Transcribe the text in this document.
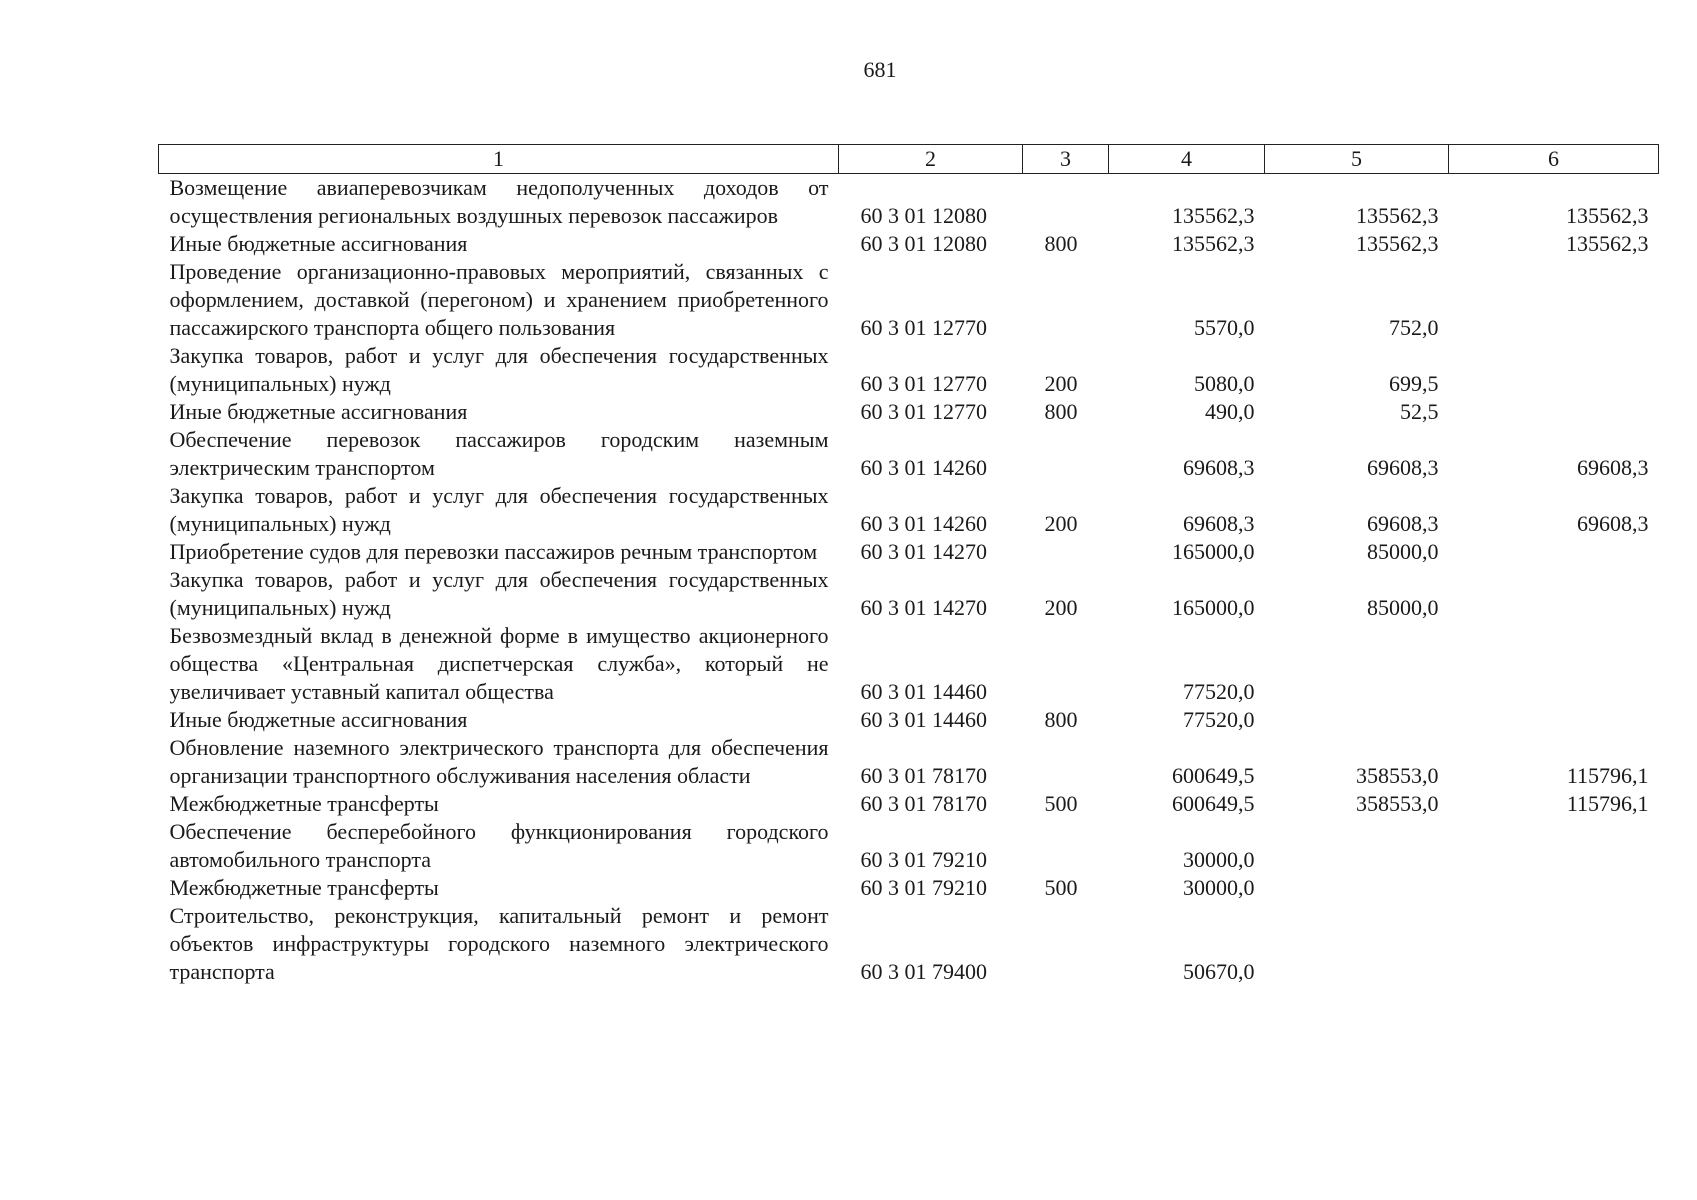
681
1	2	3	4	5	6
Возмещение авиаперевозчикам недополученных доходов от осуществления региональных воздушных перевозок пассажиров	60 3 01 12080		135562,3	135562,3	135562,3
Иные бюджетные ассигнования	60 3 01 12080	800	135562,3	135562,3	135562,3
Проведение организационно-правовых мероприятий, связанных с оформлением, доставкой (перегоном) и хранением приобретенного пассажирского транспорта общего пользования	60 3 01 12770		5570,0	752,0	
Закупка товаров, работ и услуг для обеспечения государственных (муниципальных) нужд	60 3 01 12770	200	5080,0	699,5	
Иные бюджетные ассигнования	60 3 01 12770	800	490,0	52,5	
Обеспечение перевозок пассажиров городским наземным электрическим транспортом	60 3 01 14260		69608,3	69608,3	69608,3
Закупка товаров, работ и услуг для обеспечения государственных (муниципальных) нужд	60 3 01 14260	200	69608,3	69608,3	69608,3
Приобретение судов для перевозки пассажиров речным транспортом	60 3 01 14270		165000,0	85000,0	
Закупка товаров, работ и услуг для обеспечения государственных (муниципальных) нужд	60 3 01 14270	200	165000,0	85000,0	
Безвозмездный вклад в денежной форме в имущество акционерного общества «Центральная диспетчерская служба», который не увеличивает уставный капитал общества	60 3 01 14460		77520,0		
Иные бюджетные ассигнования	60 3 01 14460	800	77520,0		
Обновление наземного электрического транспорта для обеспечения организации транспортного обслуживания населения области	60 3 01 78170		600649,5	358553,0	115796,1
Межбюджетные трансферты	60 3 01 78170	500	600649,5	358553,0	115796,1
Обеспечение бесперебойного функционирования городского автомобильного транспорта	60 3 01 79210		30000,0		
Межбюджетные трансферты	60 3 01 79210	500	30000,0		
Строительство, реконструкция, капитальный ремонт и ремонт объектов инфраструктуры городского наземного электрического транспорта	60 3 01 79400		50670,0		
